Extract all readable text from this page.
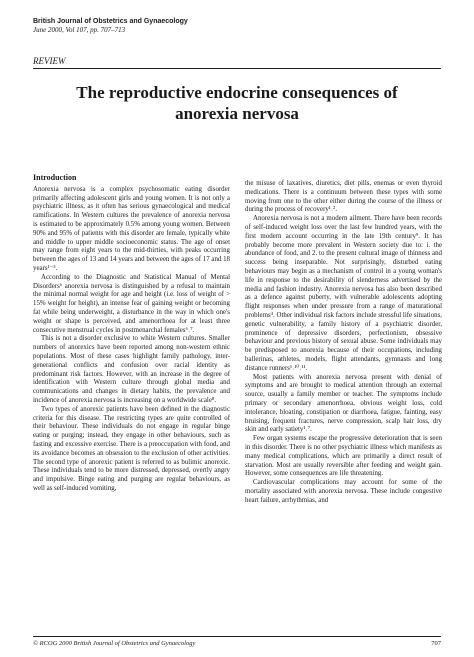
British Journal of Obstetrics and Gynaecology
June 2000, Vol 107, pp. 707–713
REVIEW
The reproductive endocrine consequences of
anorexia nervosa
Introduction

Anorexia nervosa is a complex psychosomatic eating disorder primarily affecting adolescent girls and young women. It is not only a psychiatric illness, as it often has serious gynaecological and medical ramifications. In Western cultures the prevalence of anorexia nervosa is estimated to be approximately 0.5% among young women. Between 90% and 95% of patients with this disorder are female, typically white and middle to upper middle socioeconomic status. The age of onset may range from eight years to the mid-thirties, with peaks occurring between the ages of 13 and 14 years and between the ages of 17 and 18 years¹⁻⁵.

According to the Diagnostic and Statistical Manual of Mental Disorders⁶ anorexia nervosa is distinguished by a refusal to maintain the minimal normal weight for age and height (i.e. loss of weight of > 15% weight for height), an intense fear of gaining weight or becoming fat while being underweight, a disturbance in the way in which one's weight or shape is perceived, and amenorrhoea for at least three consecutive menstrual cycles in postmenarchal females⁶˒⁷.

This is not a disorder exclusive to white Western cultures. Smaller numbers of anorexics have been reported among non-western ethnic populations. Most of these cases highlight family pathology, inter-generational conflicts and confusion over racial identity as predominant risk factors. However, with an increase in the degree of identification with Western culture through global media and communications and changes in dietary habits, the prevalence and incidence of anorexia nervosa is increasing on a worldwide scale⁸.

Two types of anorexic patients have been defined in the diagnostic criteria for this disease. The restricting types are quite controlled of their behaviour. These individuals do not engage in regular binge eating or purging; instead, they engage in other behaviours, such as fasting and excessive exercise. There is a preoccupation with food, and its avoidance becomes an obsession to the exclusion of other activities. The second type of anorexic patient is referred to as bulimic anorexic. These individuals tend to be more distressed, depressed, overtly angry and impulsive. Binge eating and purging are regular behaviours, as well as self-induced vomiting,

the misuse of laxatives, diuretics, diet pills, enemas or even thyroid medications. There is a continuum between these types with some moving from one to the other either during the course of the illness or during the process of recovery¹˒².

Anorexia nervosa is not a modern ailment. There have been records of self-induced weight loss over the last few hundred years, with the first modern account occurring in the late 19th century⁹. It has probably become more prevalent in Western society due to: i. the abundance of food, and 2. to the present cultural image of thinness and success being inseparable. Not surprisingly, disturbed eating behaviours may begin as a mechanism of control in a young woman's life in response to the desirability of slenderness advertised by the media and fashion industry. Anorexia nervosa has also been described as a defence against puberty, with vulnerable adolescents adopting flight responses when under pressure from a range of maturational problems⁴. Other individual risk factors include stressful life situations, genetic vulnerability, a family history of a psychiatric disorder, prominence of depressive disorders, perfectionism, obsessive behaviour and previous history of sexual abuse. Some individuals may be predisposed to anorexia because of their occupations, including ballerinas, athletes, models, flight attendants, gymnasts and long distance runners¹˒¹⁰˒¹¹.

Most patients with anorexia nervosa present with denial of symptoms and are brought to medical attention through an external source, usually a family member or teacher. The symptoms include primary or secondary amenorrhoea, obvious weight loss, cold intolerance, bloating, constipation or diarrhoea, fatigue, fainting, easy bruising, frequent fractures, nerve compression, scalp hair loss, dry skin and early satiety¹˒⁷.

Few organ systems escape the progressive deterioration that is seen in this disorder. There is no other psychiatric illness which manifests as many medical complications, which are primarily a direct result of starvation. Most are usually reversible after feeding and weight gain. However, some consequences are life threatening.

Cardiovascular complications may account for some of the mortality associated with anorexia nervosa. These include congestive heart failure, arrhythmias, and

© RCOG 2000 British Journal of Obstetrics and Gynaecology	707
